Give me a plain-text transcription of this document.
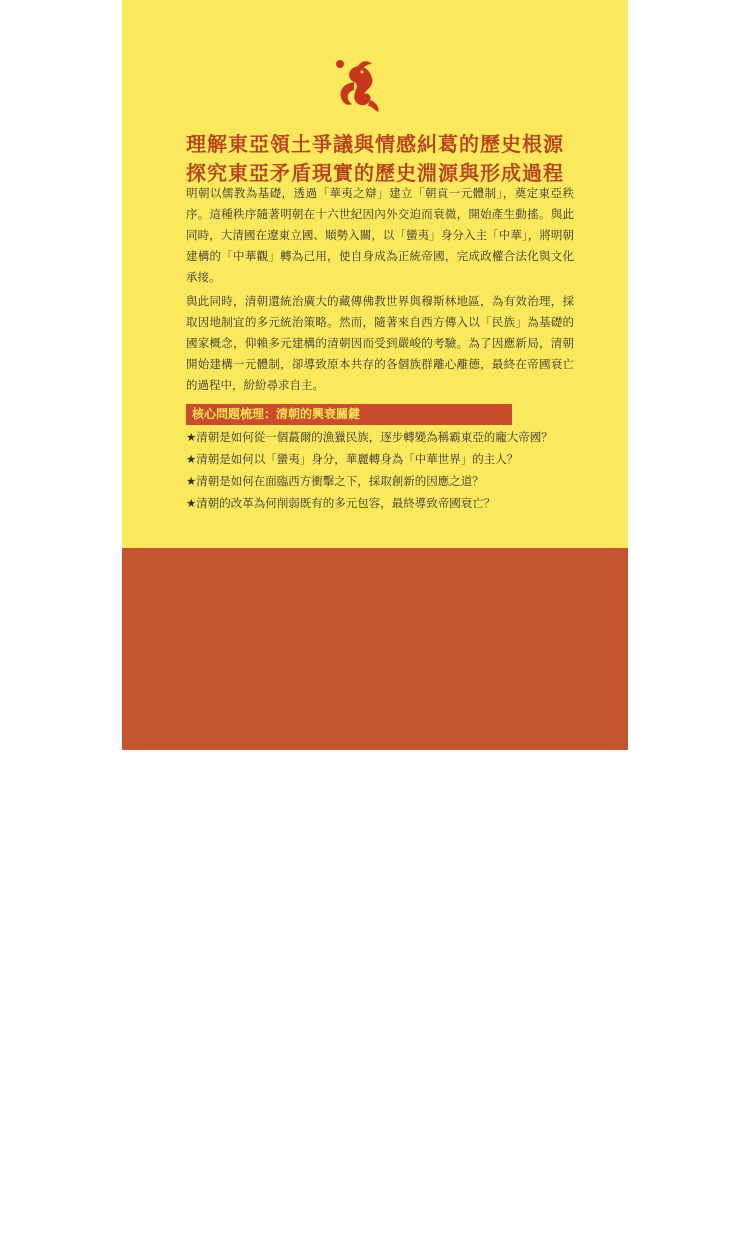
理解東亞領土爭議與情感糾葛的歷史根源
探究東亞矛盾現實的歷史淵源與形成過程
明朝以儒教為基礎，透過「華夷之辯」建立「朝貢一元體制」，奠定東亞秩序。這種秩序隨著明朝在十六世紀因內外交迫而衰微，開始產生動搖。與此同時，大清國在遼東立國、順勢入關，以「蠻夷」身分入主「中華」，將明朝建構的「中華觀」轉為己用，使自身成為正統帝國，完成政權合法化與文化承接。
與此同時，清朝還統治廣大的藏傳佛教世界與穆斯林地區，為有效治理，採取因地制宜的多元統治策略。然而，隨著來自西方傳入以「民族」為基礎的國家概念，仰賴多元建構的清朝因而受到嚴峻的考驗。為了因應新局，清朝開始建構一元體制，卻導致原本共存的各個族群離心離德，最終在帝國衰亡的過程中，紛紛尋求自主。
核心問題梳理：清朝的興衰關鍵
★清朝是如何從一個蕞爾的漁獵民族，逐步轉變為稱霸東亞的龐大帝國？
★清朝是如何以「蠻夷」身分，華麗轉身為「中華世界」的主人？
★清朝是如何在面臨西方衝擊之下，採取創新的因應之道？
★清朝的改革為何削弱既有的多元包容，最終導致帝國衰亡？
臺灣商務印書館
ISBN 978-957-05-3699-7
07010064 | NT$490
建議分類：歷史、中國歷史、清
